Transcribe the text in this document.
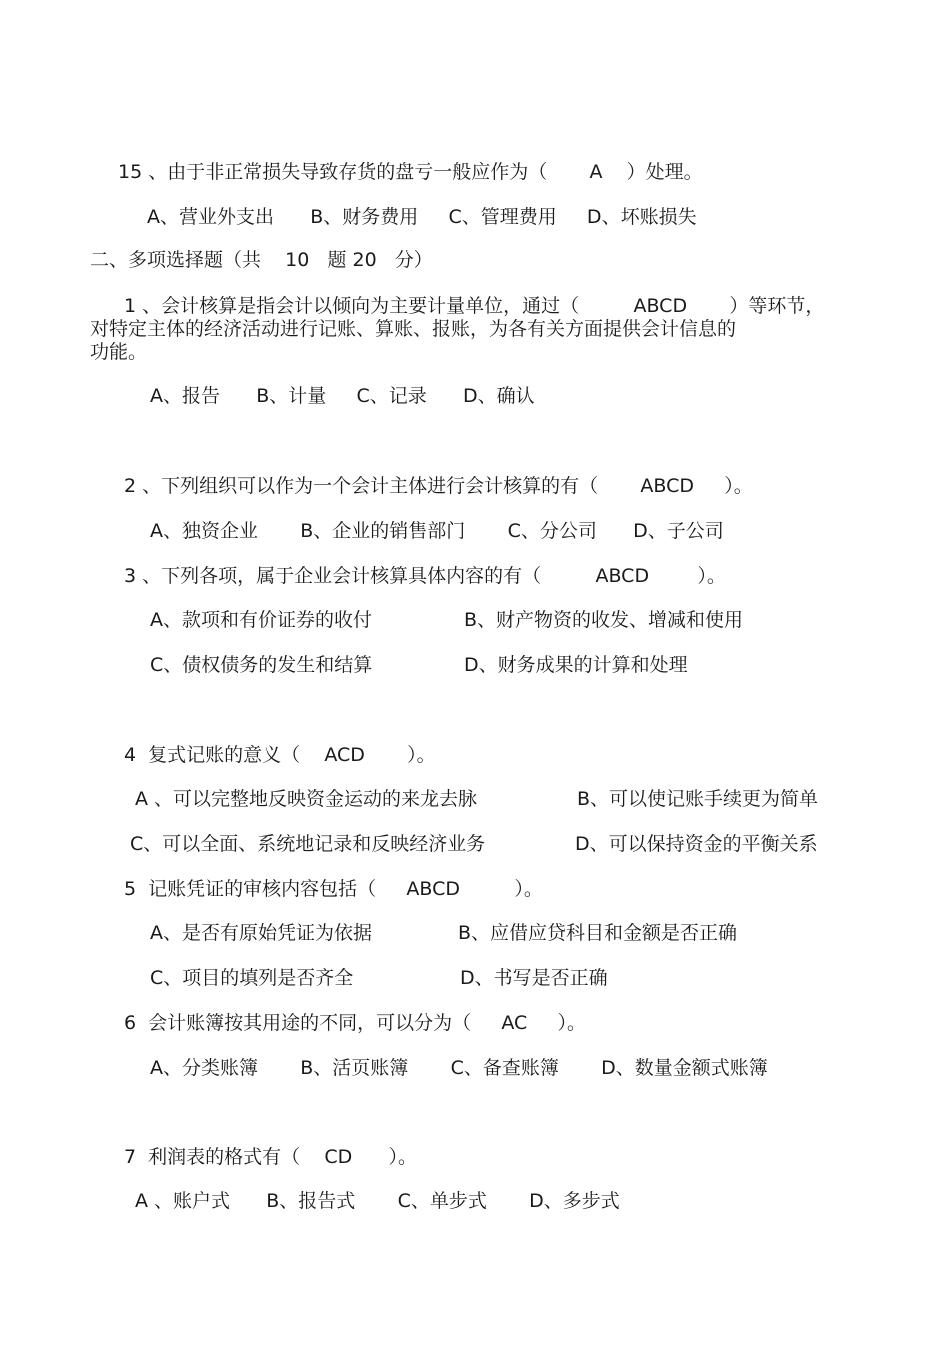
15 、由于非正常损失导致存货的盘亏一般应作为（       A    ）处理。
A、营业外支出      B、财务费用     C、管理费用     D、坏账损失
二、多项选择题（共    10   题 20   分）
1 、会计核算是指会计以倾向为主要计量单位，通过（         ABCD       ）等环节，
对特定主体的经济活动进行记账、算账、报账，为各有关方面提供会计信息的
功能。
A、报告      B、计量     C、记录      D、确认
2 、下列组织可以作为一个会计主体进行会计核算的有（       ABCD     ）。
A、独资企业       B、企业的销售部门       C、分公司      D、子公司
3 、下列各项，属于企业会计核算具体内容的有（         ABCD        ）。
A、款项和有价证券的收付	B、财产物资的收发、增减和使用
C、债权债务的发生和结算	D、财务成果的计算和处理
4  复式记账的意义（    ACD       ）。
A 、可以完整地反映资金运动的来龙去脉	B、可以使记账手续更为简单
C、可以全面、系统地记录和反映经济业务	D、可以保持资金的平衡关系
5  记账凭证的审核内容包括（     ABCD         ）。
A、是否有原始凭证为依据	B、应借应贷科目和金额是否正确
C、项目的填列是否齐全	D、书写是否正确
6  会计账簿按其用途的不同，可以分为（     AC     ）。
A、分类账簿       B、活页账簿       C、备查账簿       D、数量金额式账簿
7  利润表的格式有（    CD      ）。
A 、账户式      B、报告式       C、单步式       D、多步式
